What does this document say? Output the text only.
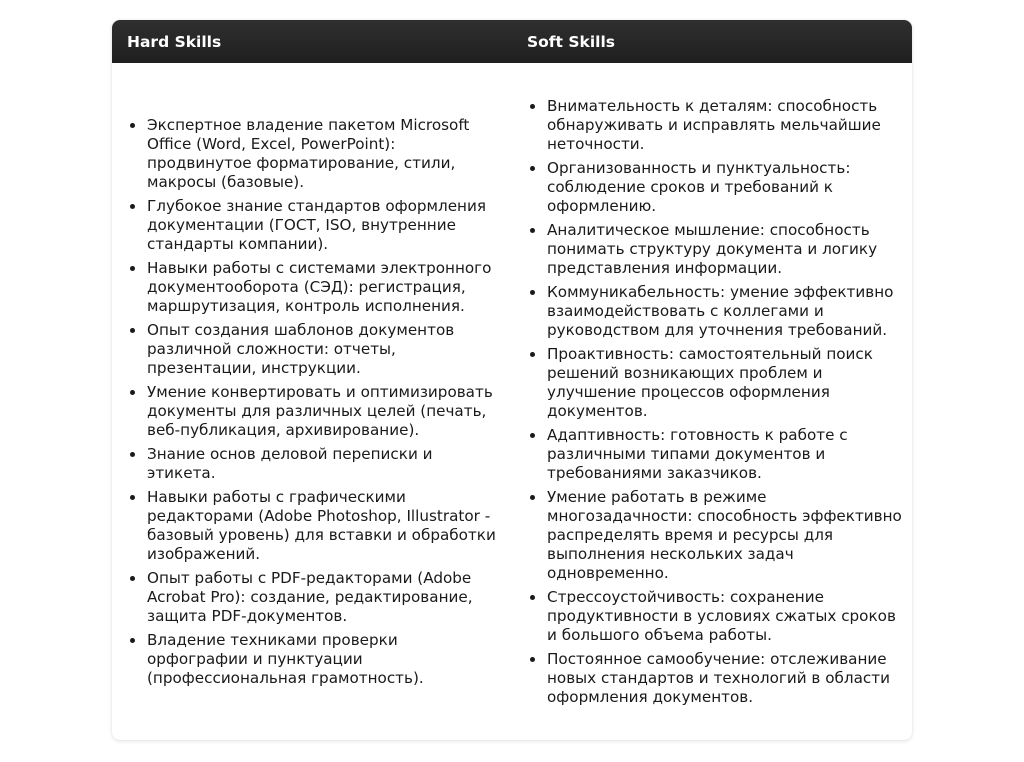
Hard Skills	Soft Skills
Экспертное владение пакетом Microsoft Office (Word, Excel, PowerPoint): продвинутое форматирование, стили, макросы (базовые).
Глубокое знание стандартов оформления документации (ГОСТ, ISO, внутренние стандарты компании).
Навыки работы с системами электронного документооборота (СЭД): регистрация, маршрутизация, контроль исполнения.
Опыт создания шаблонов документов различной сложности: отчеты, презентации, инструкции.
Умение конвертировать и оптимизировать документы для различных целей (печать, веб-публикация, архивирование).
Знание основ деловой переписки и этикета.
Навыки работы с графическими редакторами (Adobe Photoshop, Illustrator - базовый уровень) для вставки и обработки изображений.
Опыт работы с PDF-редакторами (Adobe Acrobat Pro): создание, редактирование, защита PDF-документов.
Владение техниками проверки орфографии и пунктуации (профессиональная грамотность).
Внимательность к деталям: способность обнаруживать и исправлять мельчайшие неточности.
Организованность и пунктуальность: соблюдение сроков и требований к оформлению.
Аналитическое мышление: способность понимать структуру документа и логику представления информации.
Коммуникабельность: умение эффективно взаимодействовать с коллегами и руководством для уточнения требований.
Проактивность: самостоятельный поиск решений возникающих проблем и улучшение процессов оформления документов.
Адаптивность: готовность к работе с различными типами документов и требованиями заказчиков.
Умение работать в режиме многозадачности: способность эффективно распределять время и ресурсы для выполнения нескольких задач одновременно.
Стрессоустойчивость: сохранение продуктивности в условиях сжатых сроков и большого объема работы.
Постоянное самообучение: отслеживание новых стандартов и технологий в области оформления документов.
